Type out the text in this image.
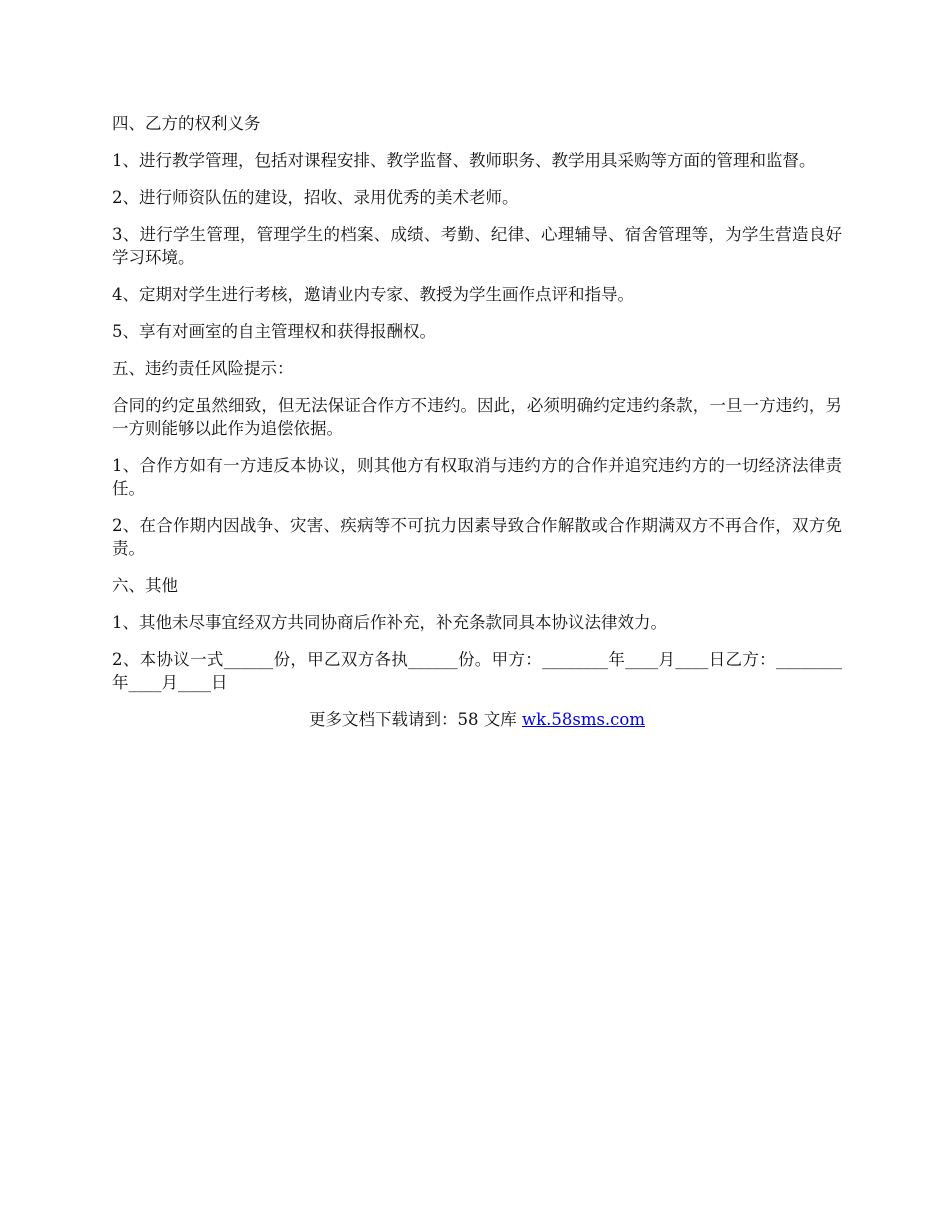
四、乙方的权利义务

1、进行教学管理，包括对课程安排、教学监督、教师职务、教学用具采购等方面的管理和监督。

2、进行师资队伍的建设，招收、录用优秀的美术老师。

3、进行学生管理，管理学生的档案、成绩、考勤、纪律、心理辅导、宿舍管理等，为学生营造良好学习环境。

4、定期对学生进行考核，邀请业内专家、教授为学生画作点评和指导。

5、享有对画室的自主管理权和获得报酬权。

五、违约责任风险提示：

合同的约定虽然细致，但无法保证合作方不违约。因此，必须明确约定违约条款，一旦一方违约，另一方则能够以此作为追偿依据。

1、合作方如有一方违反本协议，则其他方有权取消与违约方的合作并追究违约方的一切经济法律责任。

2、在合作期内因战争、灾害、疾病等不可抗力因素导致合作解散或合作期满双方不再合作，双方免责。

六、其他

1、其他未尽事宜经双方共同协商后作补充，补充条款同具本协议法律效力。

2、本协议一式______份，甲乙双方各执______份。甲方：________年____月____日乙方：________年____月____日

更多文档下载请到：58 文库 wk.58sms.com
